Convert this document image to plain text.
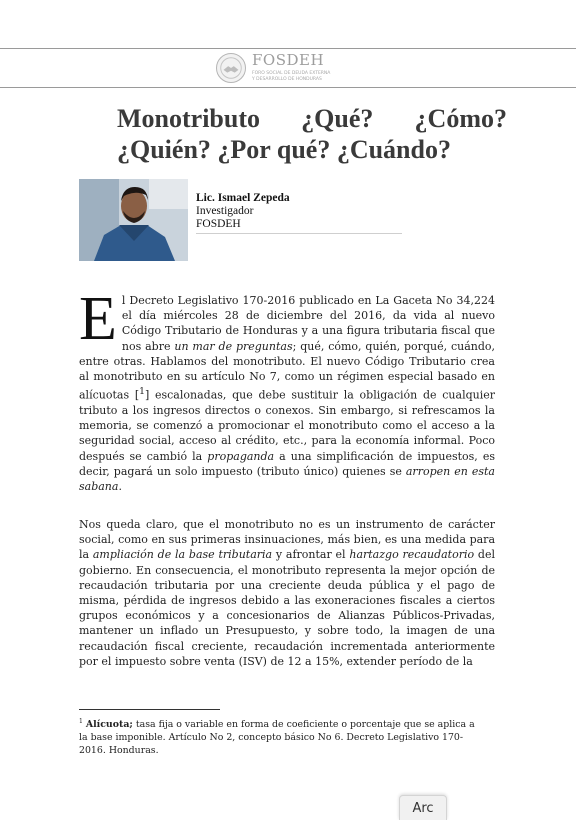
FOSDEH
FORO SOCIAL DE DEUDA EXTERNA
Y DESARROLLO DE HONDURAS
Monotributo ¿Qué? ¿Cómo?
¿Quién? ¿Por qué? ¿Cuándo?
Lic. Ismael Zepeda
Investigador
FOSDEH

El Decreto Legislativo 170-2016 publicado en La Gaceta No 34,224 el día miércoles 28 de diciembre del 2016, da vida al nuevo Código Tributario de Honduras y a una figura tributaria fiscal que nos abre un mar de preguntas; qué, cómo, quién, porqué, cuándo, entre otras. Hablamos del monotributo. El nuevo Código Tributario crea al monotributo en su artículo No 7, como un régimen especial basado en alícuotas [$^1$] escalonadas, que debe sustituir la obligación de cualquier tributo a los ingresos directos o conexos. Sin embargo, si refrescamos la memoria, se comenzó a promocionar el monotributo como el acceso a la seguridad social, acceso al crédito, etc., para la economía informal. Poco después se cambió la propaganda a una simplificación de impuestos, es decir, pagará un solo impuesto (tributo único) quienes se arropen en esta sabana.

Nos queda claro, que el monotributo no es un instrumento de carácter social, como en sus primeras insinuaciones, más bien, es una medida para la ampliación de la base tributaria y afrontar el hartazgo recaudatorio del gobierno. En consecuencia, el monotributo representa la mejor opción de recaudación tributaria por una creciente deuda pública y el pago de misma, pérdida de ingresos debido a las exoneraciones fiscales a ciertos grupos económicos y a concesionarios de Alianzas Públicos-Privadas, mantener un inflado un Presupuesto, y sobre todo, la imagen de una recaudación fiscal creciente, recaudación incrementada anteriormente por el impuesto sobre venta (ISV) de 12 a 15%, extender período de la

$^1$ Alícuota; tasa fija o variable en forma de coeficiente o porcentaje que se aplica a la base imponible. Artículo No 2, concepto básico No 6. Decreto Legislativo 170-2016. Honduras.

Arc
